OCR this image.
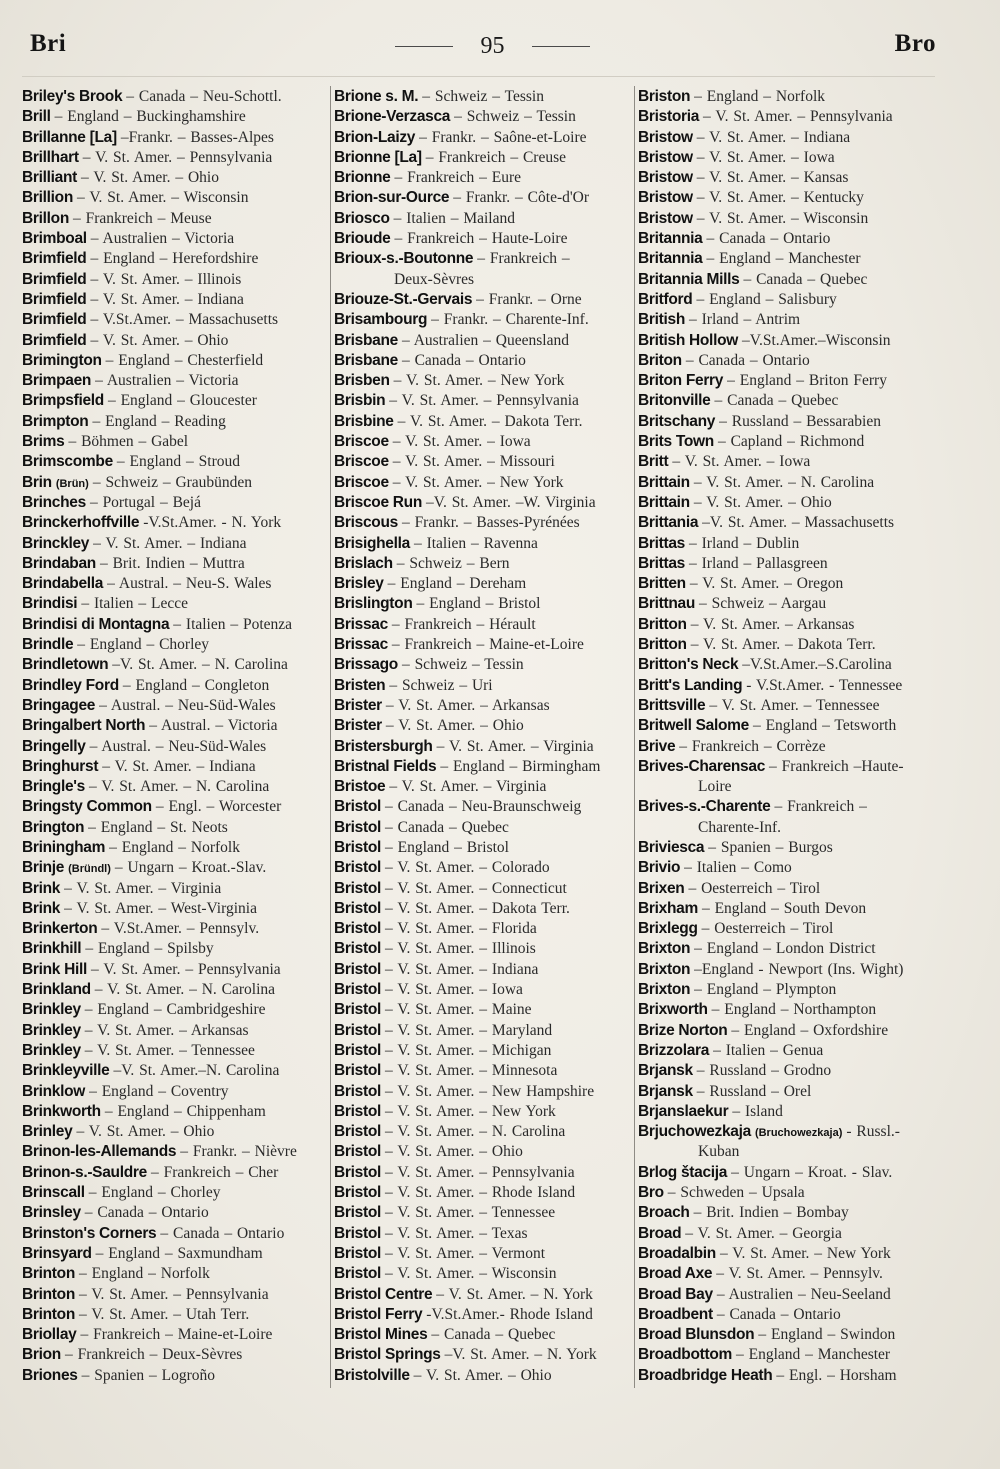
Bri	95	Bro
Briley's Brook – Canada – Neu-Schottl.
Brill – England – Buckinghamshire
Brillanne [La] –Frankr. – Basses-Alpes
Brillhart – V. St. Amer. – Pennsylvania
Brilliant – V. St. Amer. – Ohio
Brillion – V. St. Amer. – Wisconsin
Brillon – Frankreich – Meuse
Brimboal – Australien – Victoria
Brimfield – England – Herefordshire
Brimfield – V. St. Amer. – Illinois
Brimfield – V. St. Amer. – Indiana
Brimfield – V.St.Amer. – Massachusetts
Brimfield – V. St. Amer. – Ohio
Brimington – England – Chesterfield
Brimpaen – Australien – Victoria
Brimpsfield – England – Gloucester
Brimpton – England – Reading
Brims – Böhmen – Gabel
Brimscombe – England – Stroud
Brin (Brün) – Schweiz – Graubünden
Brinches – Portugal – Bejá
Brinckerhoffville -V.St.Amer. - N. York
Brinckley – V. St. Amer. – Indiana
Brindaban – Brit. Indien – Muttra
Brindabella – Austral. – Neu-S. Wales
Brindisi – Italien – Lecce
Brindisi di Montagna – Italien – Potenza
Brindle – England – Chorley
Brindletown –V. St. Amer. – N. Carolina
Brindley Ford – England – Congleton
Bringagee – Austral. – Neu-Süd-Wales
Bringalbert North – Austral. – Victoria
Bringelly – Austral. – Neu-Süd-Wales
Bringhurst – V. St. Amer. – Indiana
Bringle's – V. St. Amer. – N. Carolina
Bringsty Common – Engl. – Worcester
Brington – England – St. Neots
Briningham – England – Norfolk
Brinje (Bründl) – Ungarn – Kroat.-Slav.
Brink – V. St. Amer. – Virginia
Brink – V. St. Amer. – West-Virginia
Brinkerton – V.St.Amer. – Pennsylv.
Brinkhill – England – Spilsby
Brink Hill – V. St. Amer. – Pennsylvania
Brinkland – V. St. Amer. – N. Carolina
Brinkley – England – Cambridgeshire
Brinkley – V. St. Amer. – Arkansas
Brinkley – V. St. Amer. – Tennessee
Brinkleyville –V. St. Amer.–N. Carolina
Brinklow – England – Coventry
Brinkworth – England – Chippenham
Brinley – V. St. Amer. – Ohio
Brinon-les-Allemands – Frankr. – Nièvre
Brinon-s.-Sauldre – Frankreich – Cher
Brinscall – England – Chorley
Brinsley – Canada – Ontario
Brinston's Corners – Canada – Ontario
Brinsyard – England – Saxmundham
Brinton – England – Norfolk
Brinton – V. St. Amer. – Pennsylvania
Brinton – V. St. Amer. – Utah Terr.
Briollay – Frankreich – Maine-et-Loire
Brion – Frankreich – Deux-Sèvres
Briones – Spanien – Logroño
Brione s. M. – Schweiz – Tessin
Brione-Verzasca – Schweiz – Tessin
Brion-Laizy – Frankr. – Saône-et-Loire
Brionne [La] – Frankreich – Creuse
Brionne – Frankreich – Eure
Brion-sur-Ource – Frankr. – Côte-d'Or
Briosco – Italien – Mailand
Brioude – Frankreich – Haute-Loire
Brioux-s.-Boutonne – Frankreich –
Deux-Sèvres
Briouze-St.-Gervais – Frankr. – Orne
Brisambourg – Frankr. – Charente-Inf.
Brisbane – Australien – Queensland
Brisbane – Canada – Ontario
Brisben – V. St. Amer. – New York
Brisbin – V. St. Amer. – Pennsylvania
Brisbine – V. St. Amer. – Dakota Terr.
Briscoe – V. St. Amer. – Iowa
Briscoe – V. St. Amer. – Missouri
Briscoe – V. St. Amer. – New York
Briscoe Run –V. St. Amer. –W. Virginia
Briscous – Frankr. – Basses-Pyrénées
Brisighella – Italien – Ravenna
Brislach – Schweiz – Bern
Brisley – England – Dereham
Brislington – England – Bristol
Brissac – Frankreich – Hérault
Brissac – Frankreich – Maine-et-Loire
Brissago – Schweiz – Tessin
Bristen – Schweiz – Uri
Brister – V. St. Amer. – Arkansas
Brister – V. St. Amer. – Ohio
Bristersburgh – V. St. Amer. – Virginia
Bristnal Fields – England – Birmingham
Bristoe – V. St. Amer. – Virginia
Bristol – Canada – Neu-Braunschweig
Bristol – Canada – Quebec
Bristol – England – Bristol
Bristol – V. St. Amer. – Colorado
Bristol – V. St. Amer. – Connecticut
Bristol – V. St. Amer. – Dakota Terr.
Bristol – V. St. Amer. – Florida
Bristol – V. St. Amer. – Illinois
Bristol – V. St. Amer. – Indiana
Bristol – V. St. Amer. – Iowa
Bristol – V. St. Amer. – Maine
Bristol – V. St. Amer. – Maryland
Bristol – V. St. Amer. – Michigan
Bristol – V. St. Amer. – Minnesota
Bristol – V. St. Amer. – New Hampshire
Bristol – V. St. Amer. – New York
Bristol – V. St. Amer. – N. Carolina
Bristol – V. St. Amer. – Ohio
Bristol – V. St. Amer. – Pennsylvania
Bristol – V. St. Amer. – Rhode Island
Bristol – V. St. Amer. – Tennessee
Bristol – V. St. Amer. – Texas
Bristol – V. St. Amer. – Vermont
Bristol – V. St. Amer. – Wisconsin
Bristol Centre – V. St. Amer. – N. York
Bristol Ferry -V.St.Amer.- Rhode Island
Bristol Mines – Canada – Quebec
Bristol Springs –V. St. Amer. – N. York
Bristolville – V. St. Amer. – Ohio
Briston – England – Norfolk
Bristoria – V. St. Amer. – Pennsylvania
Bristow – V. St. Amer. – Indiana
Bristow – V. St. Amer. – Iowa
Bristow – V. St. Amer. – Kansas
Bristow – V. St. Amer. – Kentucky
Bristow – V. St. Amer. – Wisconsin
Britannia – Canada – Ontario
Britannia – England – Manchester
Britannia Mills – Canada – Quebec
Britford – England – Salisbury
British – Irland – Antrim
British Hollow –V.St.Amer.–Wisconsin
Briton – Canada – Ontario
Briton Ferry – England – Briton Ferry
Britonville – Canada – Quebec
Britschany – Russland – Bessarabien
Brits Town – Capland – Richmond
Britt – V. St. Amer. – Iowa
Brittain – V. St. Amer. – N. Carolina
Brittain – V. St. Amer. – Ohio
Brittania –V. St. Amer. – Massachusetts
Brittas – Irland – Dublin
Brittas – Irland – Pallasgreen
Britten – V. St. Amer. – Oregon
Brittnau – Schweiz – Aargau
Britton – V. St. Amer. – Arkansas
Britton – V. St. Amer. – Dakota Terr.
Britton's Neck –V.St.Amer.–S.Carolina
Britt's Landing - V.St.Amer. - Tennessee
Brittsville – V. St. Amer. – Tennessee
Britwell Salome – England – Tetsworth
Brive – Frankreich – Corrèze
Brives-Charensac – Frankreich –Haute-
Loire
Brives-s.-Charente – Frankreich –
Charente-Inf.
Briviesca – Spanien – Burgos
Brivio – Italien – Como
Brixen – Oesterreich – Tirol
Brixham – England – South Devon
Brixlegg – Oesterreich – Tirol
Brixton – England – London District
Brixton –England - Newport (Ins. Wight)
Brixton – England – Plympton
Brixworth – England – Northampton
Brize Norton – England – Oxfordshire
Brizzolara – Italien – Genua
Brjansk – Russland – Grodno
Brjansk – Russland – Orel
Brjanslaekur – Island
Brjuchowezkaja (Bruchowezkaja) - Russl.-
Kuban
Brlog štacija – Ungarn – Kroat. - Slav.
Bro – Schweden – Upsala
Broach – Brit. Indien – Bombay
Broad – V. St. Amer. – Georgia
Broadalbin – V. St. Amer. – New York
Broad Axe – V. St. Amer. – Pennsylv.
Broad Bay – Australien – Neu-Seeland
Broadbent – Canada – Ontario
Broad Blunsdon – England – Swindon
Broadbottom – England – Manchester
Broadbridge Heath – Engl. – Horsham
